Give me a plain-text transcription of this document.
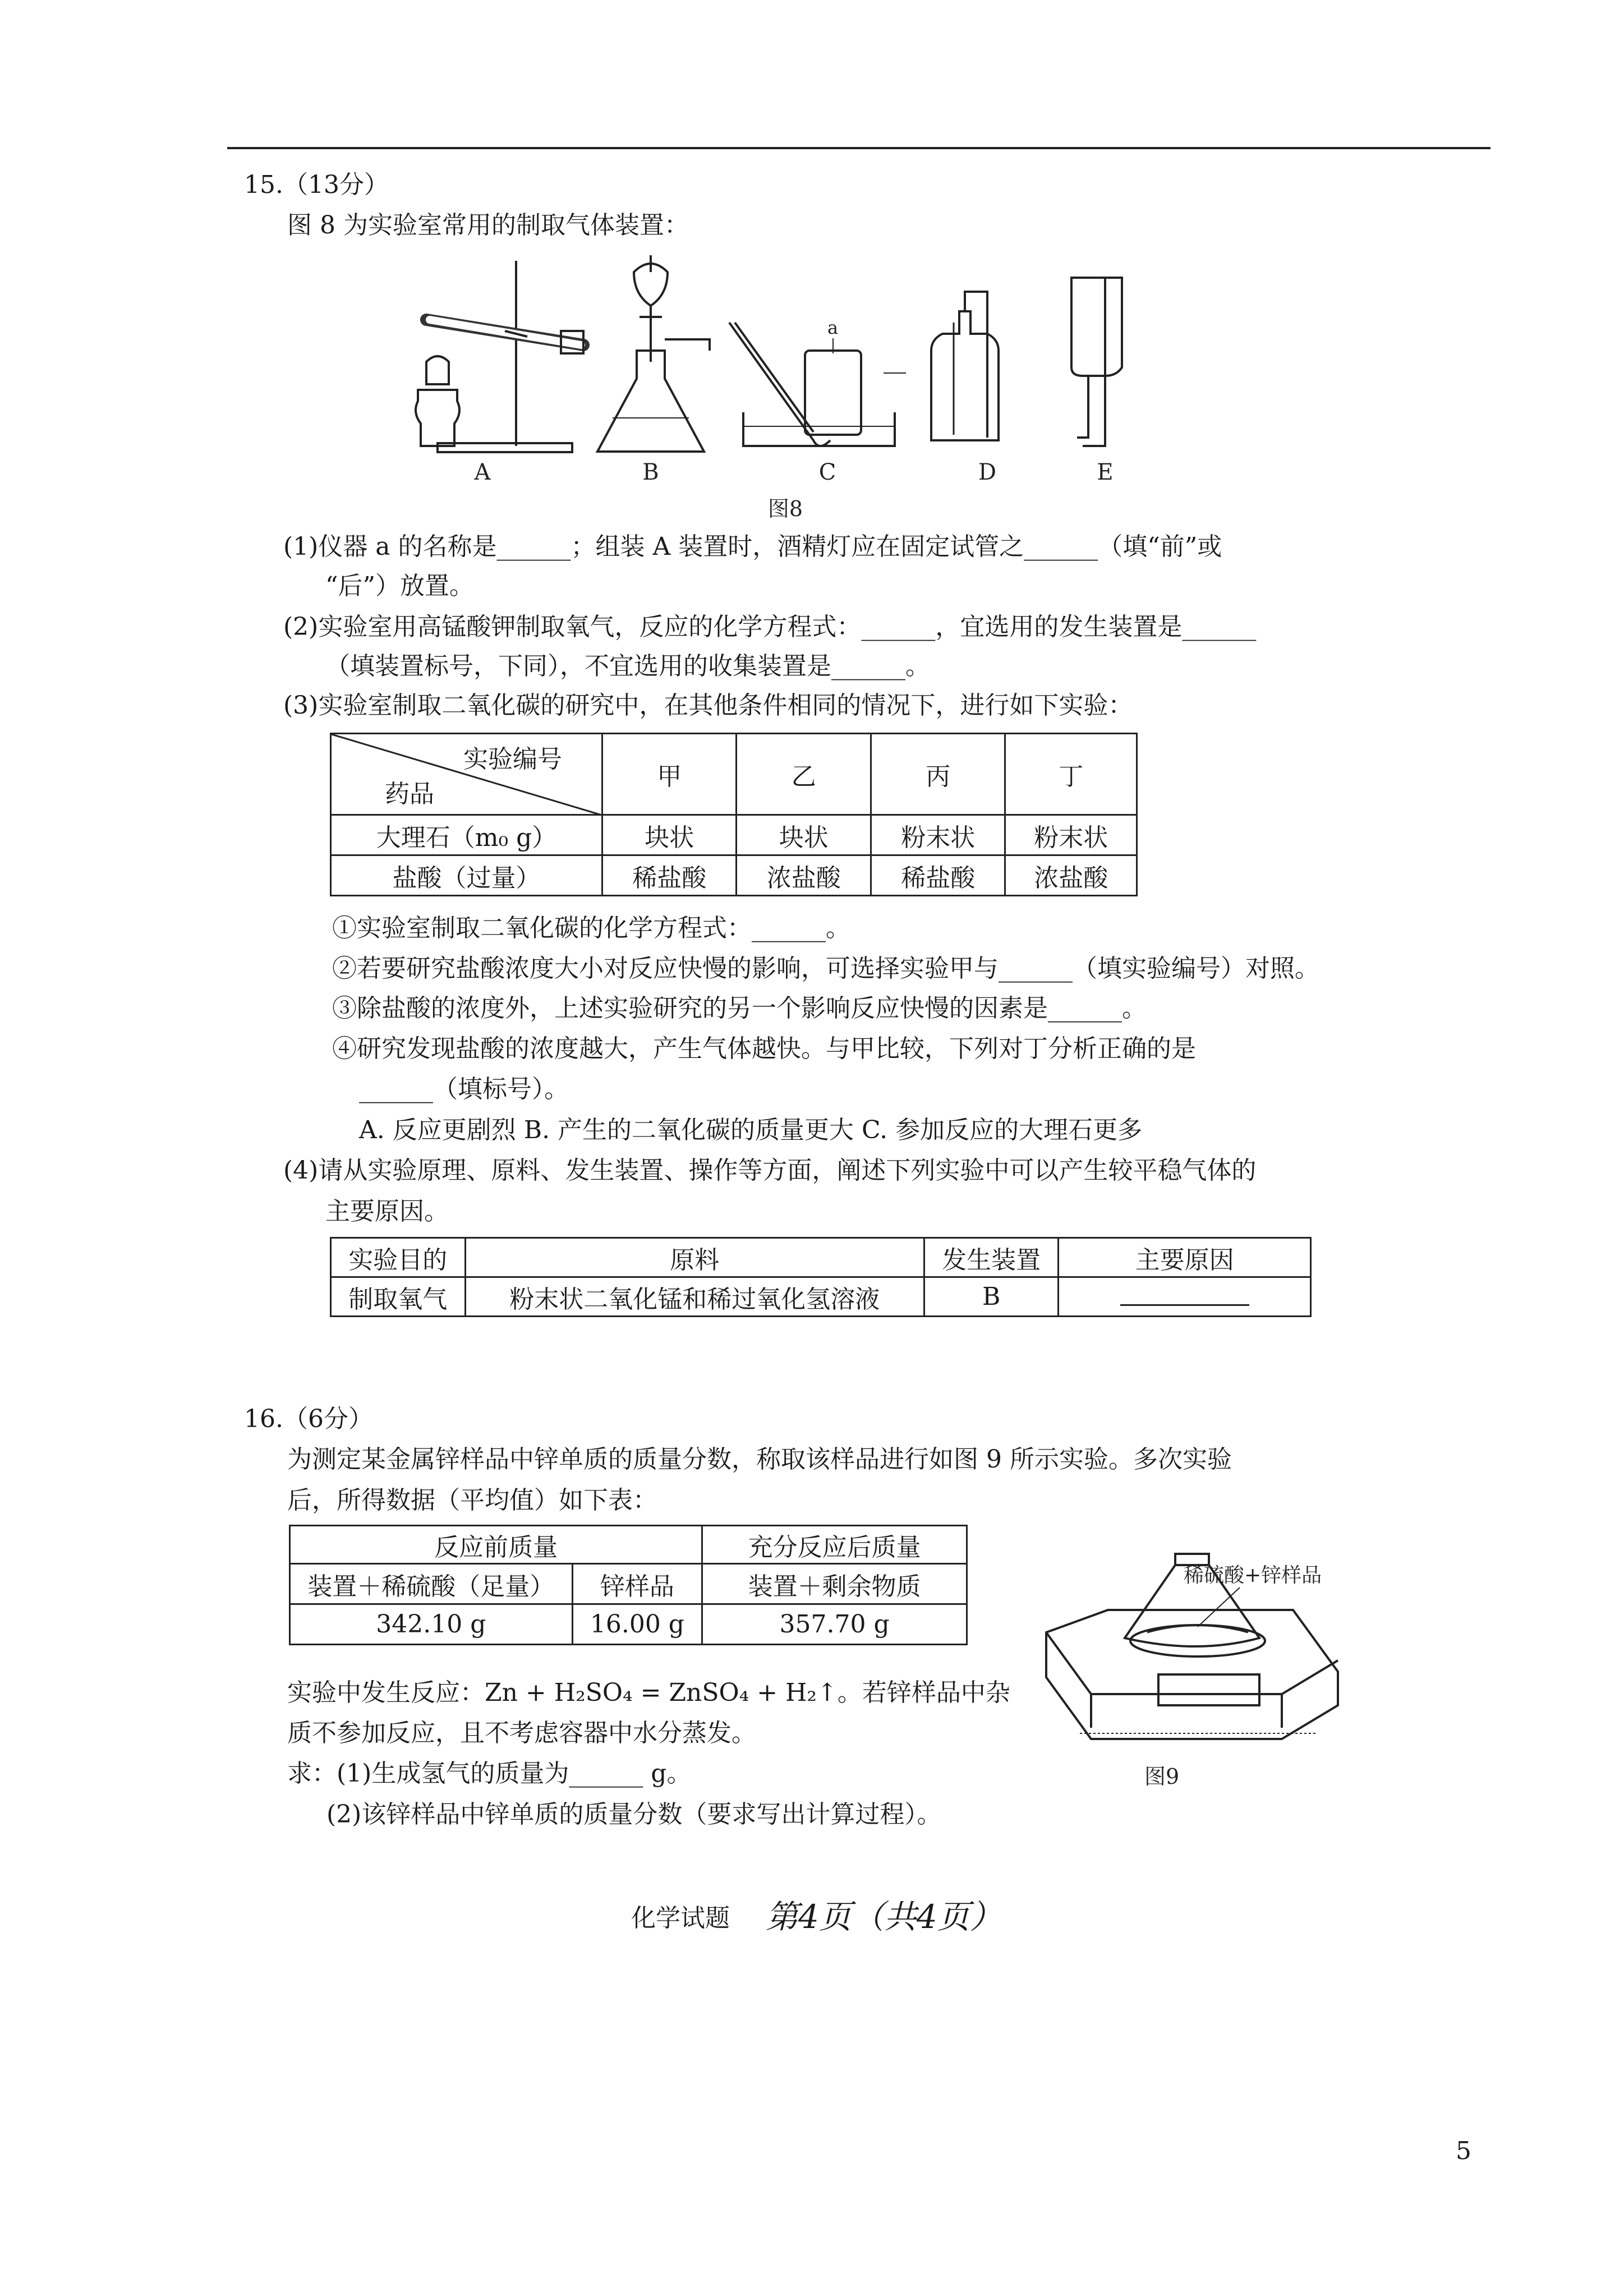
15.（13分）
图 8 为实验室常用的制取气体装置：
a
A	B	C	D	E
图8
(1)仪器 a 的名称是______；组装 A 装置时，酒精灯应在固定试管之______（填“前”或
“后”）放置。
(2)实验室用高锰酸钾制取氧气，反应的化学方程式：______，宜选用的发生装置是______
（填装置标号，下同），不宜选用的收集装置是______。
(3)实验室制取二氧化碳的研究中，在其他条件相同的情况下，进行如下实验：
实验编号
药品	甲	乙	丙	丁
大理石（m₀ g）	块状	块状	粉末状	粉末状
盐酸（过量）	稀盐酸	浓盐酸	稀盐酸	浓盐酸
①实验室制取二氧化碳的化学方程式：______。
②若要研究盐酸浓度大小对反应快慢的影响，可选择实验甲与______（填实验编号）对照。
③除盐酸的浓度外，上述实验研究的另一个影响反应快慢的因素是______。
④研究发现盐酸的浓度越大，产生气体越快。与甲比较，下列对丁分析正确的是
______（填标号）。
A. 反应更剧烈 B. 产生的二氧化碳的质量更大 C. 参加反应的大理石更多
(4)请从实验原理、原料、发生装置、操作等方面，阐述下列实验中可以产生较平稳气体的
主要原因。
实验目的	原料	发生装置	主要原因
制取氧气	粉末状二氧化锰和稀过氧化氢溶液	B	
16.（6分）
为测定某金属锌样品中锌单质的质量分数，称取该样品进行如图 9 所示实验。多次实验
后，所得数据（平均值）如下表：
反应前质量		充分反应后质量
装置＋稀硫酸（足量）	锌样品	装置＋剩余物质
342.10 g	16.00 g	357.70 g
实验中发生反应：Zn + H₂SO₄ = ZnSO₄ + H₂↑。若锌样品中杂
质不参加反应，且不考虑容器中水分蒸发。
求：(1)生成氢气的质量为______ g。
(2)该锌样品中锌单质的质量分数（要求写出计算过程）。
稀硫酸+锌样品
图9
化学试题 第4页（共4页）
5
